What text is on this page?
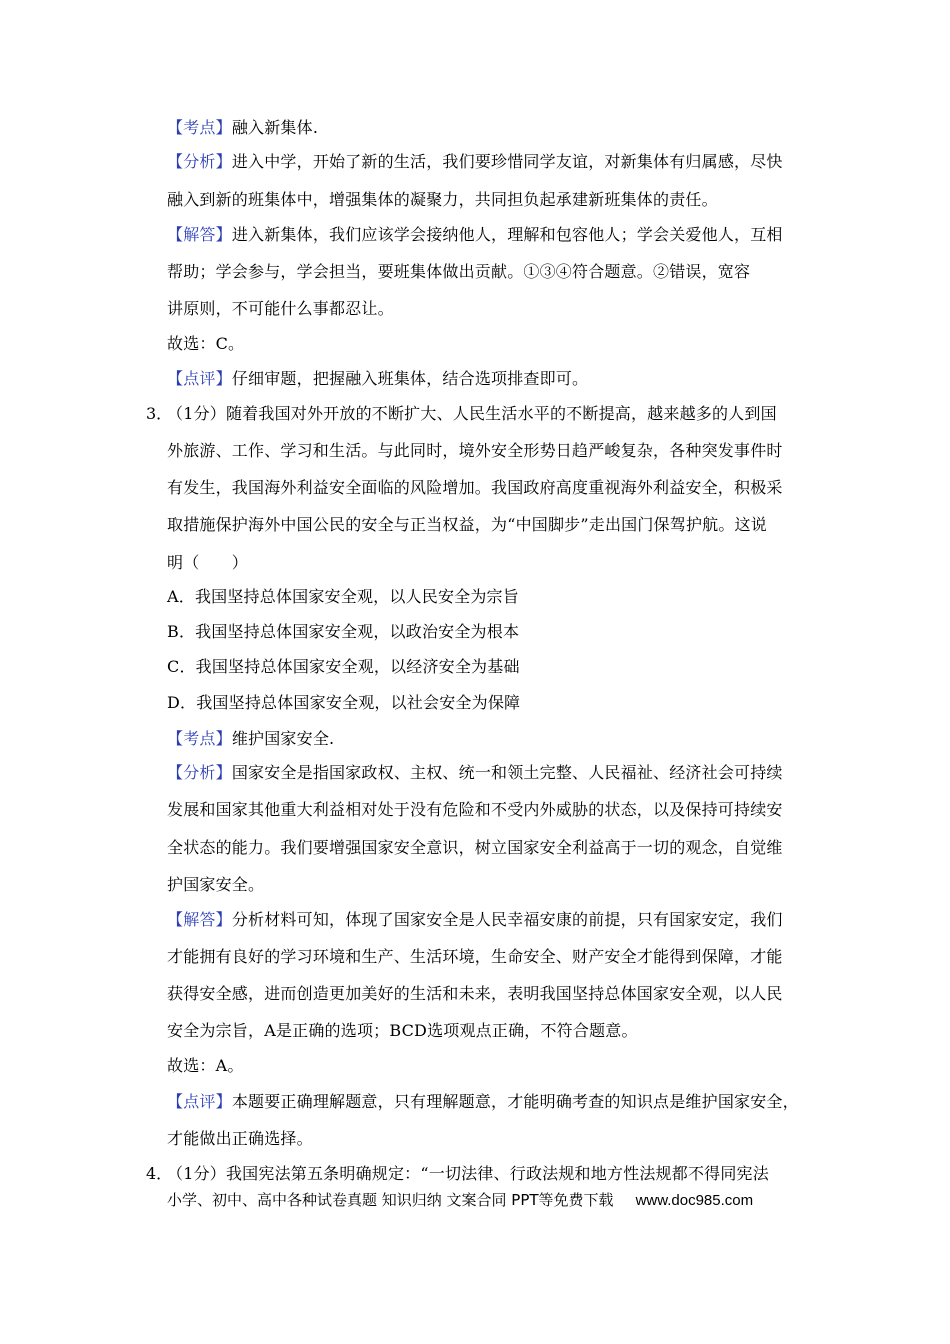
【考点】融入新集体.
【分析】进入中学，开始了新的生活，我们要珍惜同学友谊，对新集体有归属感，尽快
融入到新的班集体中，增强集体的凝聚力，共同担负起承建新班集体的责任。
【解答】进入新集体，我们应该学会接纳他人，理解和包容他人；学会关爱他人，互相
帮助；学会参与，学会担当，要班集体做出贡献。①③④符合题意。②错误，宽容
讲原则，不可能什么事都忍让。
故选：C。
【点评】仔细审题，把握融入班集体，结合选项排查即可。
3．
（1分）随着我国对外开放的不断扩大、人民生活水平的不断提高，越来越多的人到国
外旅游、工作、学习和生活。与此同时，境外安全形势日趋严峻复杂，各种突发事件时
有发生，我国海外利益安全面临的风险增加。我国政府高度重视海外利益安全，积极采
取措施保护海外中国公民的安全与正当权益，为“中国脚步”走出国门保驾护航。这说
明（　　）
A．我国坚持总体国家安全观，以人民安全为宗旨
B．我国坚持总体国家安全观，以政治安全为根本
C．我国坚持总体国家安全观，以经济安全为基础
D．我国坚持总体国家安全观，以社会安全为保障
【考点】维护国家安全.
【分析】国家安全是指国家政权、主权、统一和领土完整、人民福祉、经济社会可持续
发展和国家其他重大利益相对处于没有危险和不受内外威胁的状态，以及保持可持续安
全状态的能力。我们要增强国家安全意识，树立国家安全利益高于一切的观念，自觉维
护国家安全。
【解答】分析材料可知，体现了国家安全是人民幸福安康的前提，只有国家安定，我们
才能拥有良好的学习环境和生产、生活环境，生命安全、财产安全才能得到保障，才能
获得安全感，进而创造更加美好的生活和未来，表明我国坚持总体国家安全观，以人民
安全为宗旨，A是正确的选项；BCD选项观点正确，不符合题意。
故选：A。
【点评】本题要正确理解题意，只有理解题意，才能明确考查的知识点是维护国家安全，
才能做出正确选择。
4．
（1分）我国宪法第五条明确规定：“一切法律、行政法规和地方性法规都不得同宪法
小学、初中、高中各种试卷真题 知识归纳 文案合同 PPT等免费下载 www.doc985.com
